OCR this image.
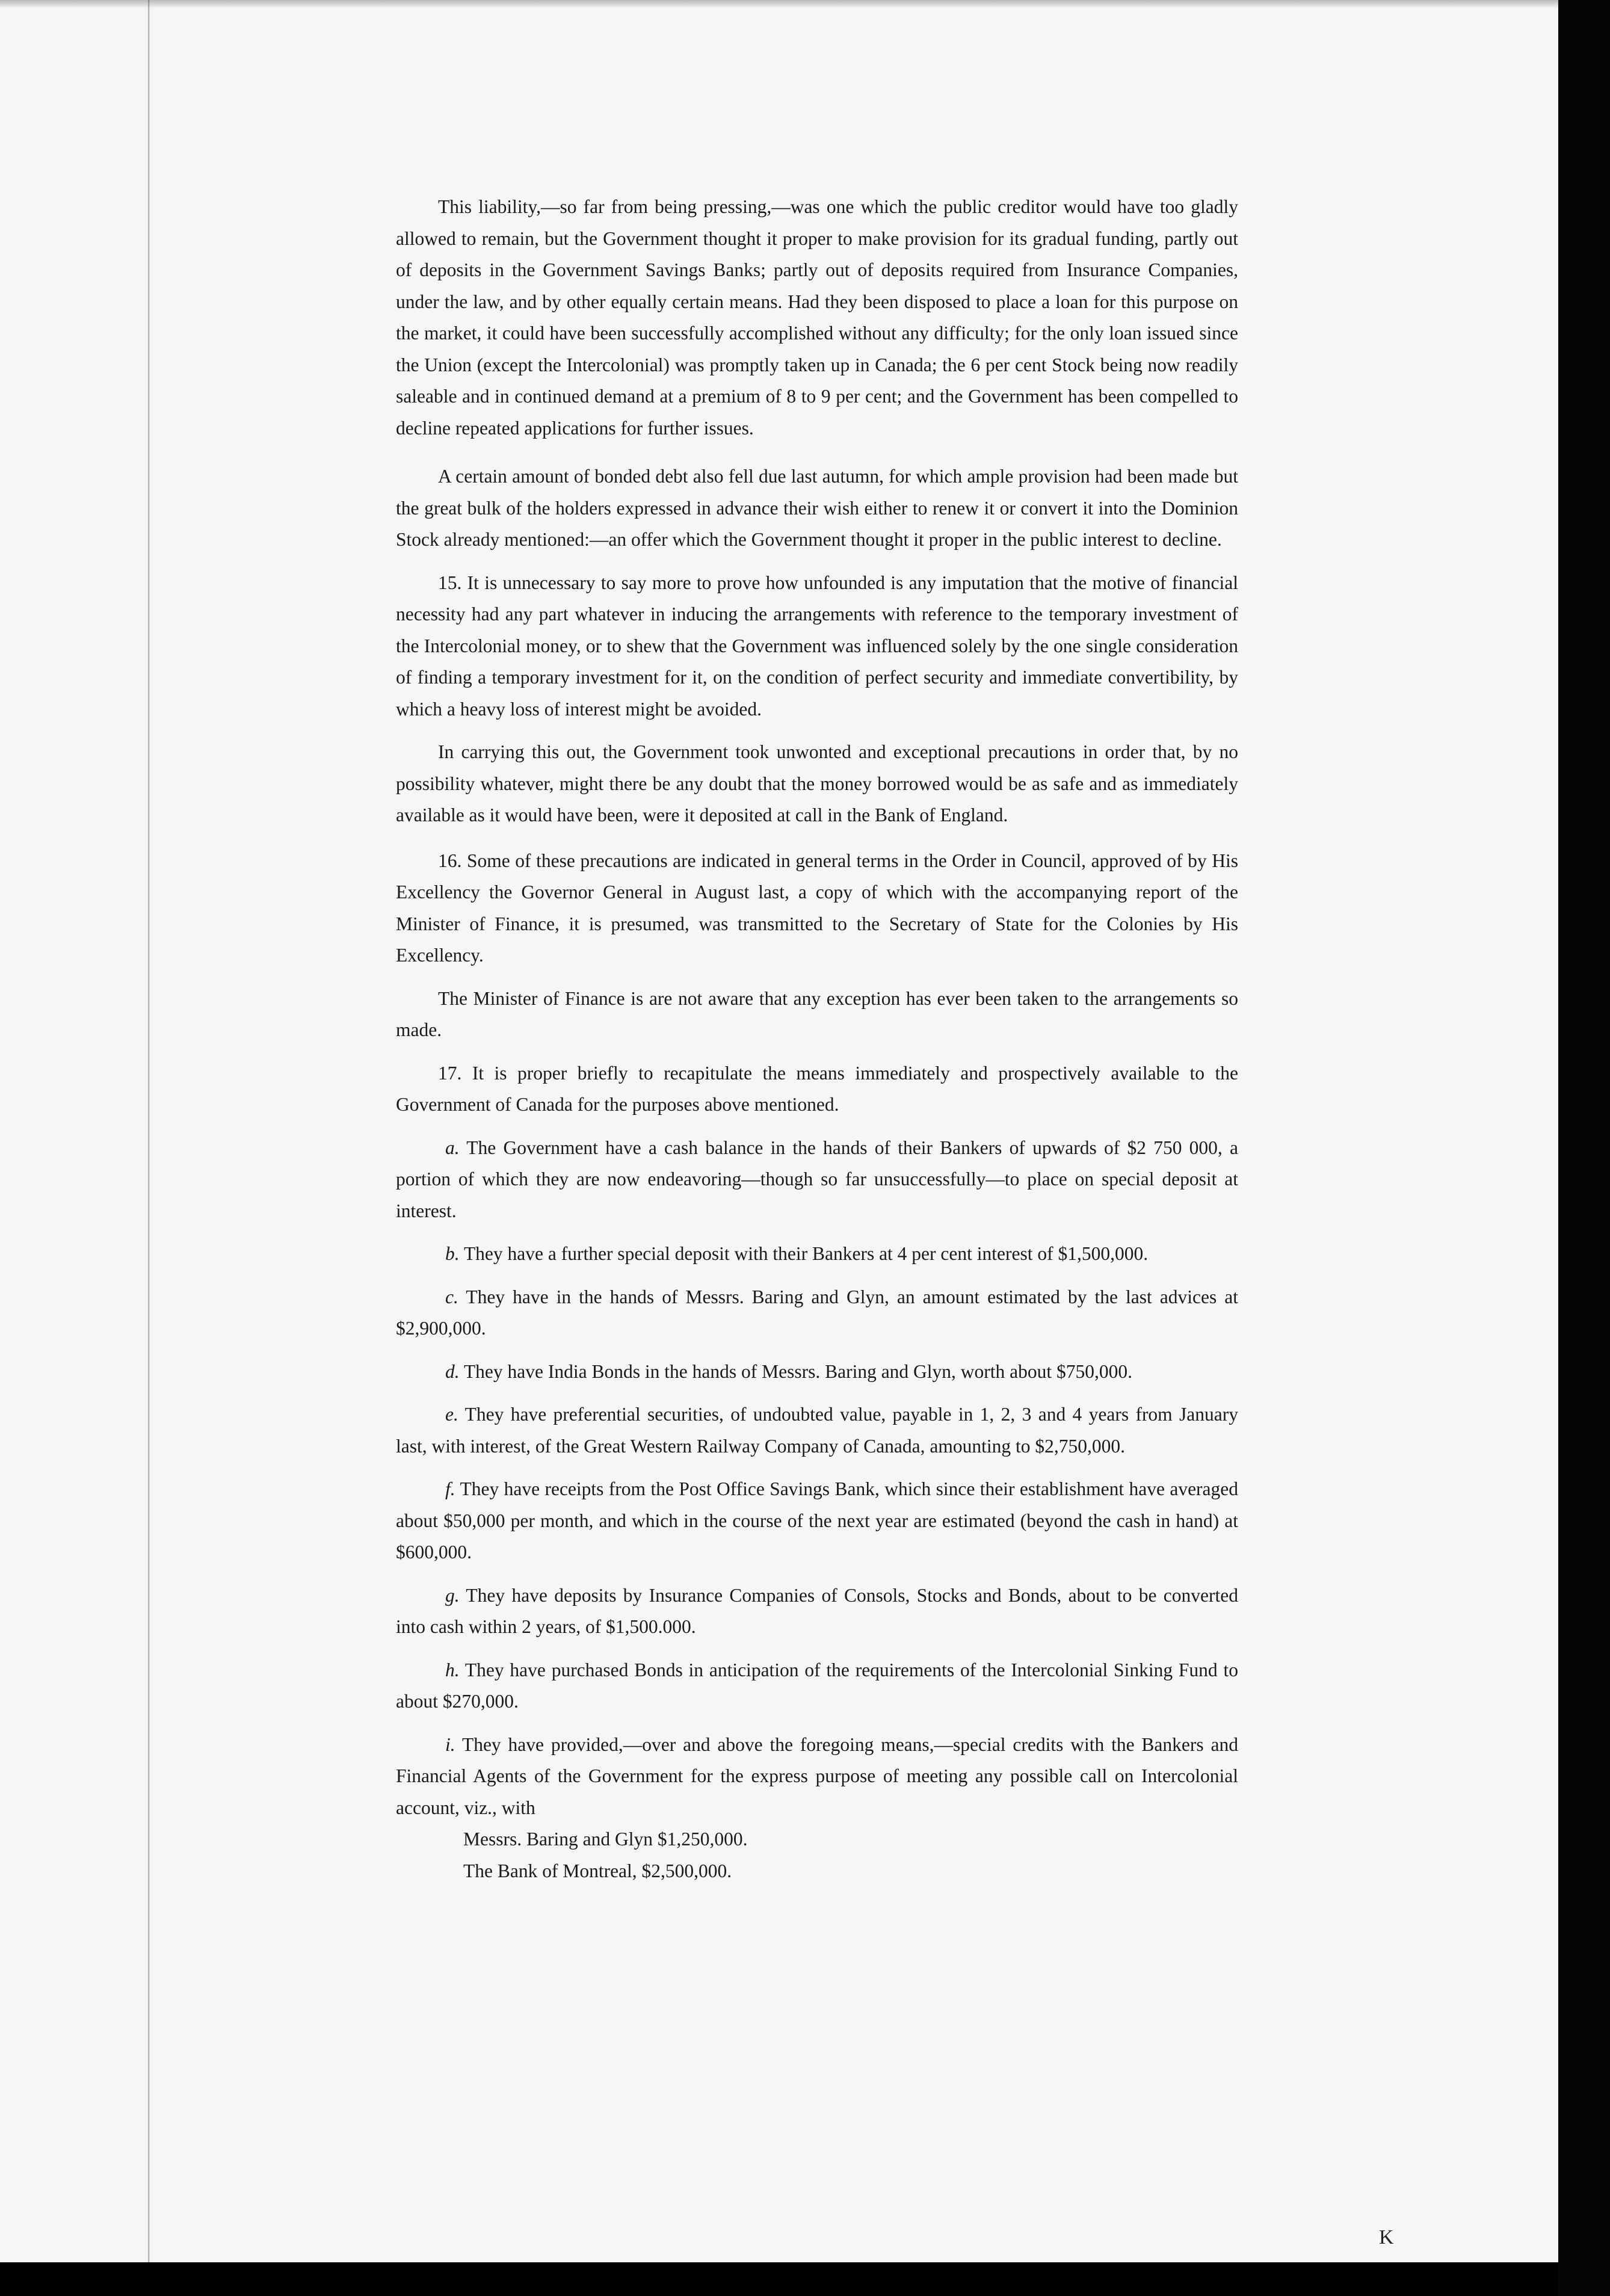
This liability,—so far from being pressing,—was one which the public creditor would have too gladly allowed to remain, but the Government thought it proper to make provision for its gradual funding, partly out of deposits in the Government Savings Banks; partly out of deposits required from Insurance Companies, under the law, and by other equally certain means. Had they been disposed to place a loan for this purpose on the market, it could have been successfully accomplished without any difficulty; for the only loan issued since the Union (except the Intercolonial) was promptly taken up in Canada; the 6 per cent Stock being now readily saleable and in continued demand at a premium of 8 to 9 per cent; and the Government has been compelled to decline repeated applications for further issues.

A certain amount of bonded debt also fell due last autumn, for which ample provision had been made but the great bulk of the holders expressed in advance their wish either to renew it or convert it into the Dominion Stock already mentioned:—an offer which the Government thought it proper in the public interest to decline.

15. It is unnecessary to say more to prove how unfounded is any imputation that the motive of financial necessity had any part whatever in inducing the arrangements with reference to the temporary investment of the Intercolonial money, or to shew that the Government was influenced solely by the one single consideration of finding a temporary investment for it, on the condition of perfect security and immediate convertibility, by which a heavy loss of interest might be avoided.

In carrying this out, the Government took unwonted and exceptional precautions in order that, by no possibility whatever, might there be any doubt that the money borrowed would be as safe and as immediately available as it would have been, were it deposited at call in the Bank of England.

16. Some of these precautions are indicated in general terms in the Order in Council, approved of by His Excellency the Governor General in August last, a copy of which with the accompanying report of the Minister of Finance, it is presumed, was transmitted to the Secretary of State for the Colonies by His Excellency.

The Minister of Finance is are not aware that any exception has ever been taken to the arrangements so made.

17. It is proper briefly to recapitulate the means immediately and prospectively available to the Government of Canada for the purposes above mentioned.

a. The Government have a cash balance in the hands of their Bankers of upwards of $2 750 000, a portion of which they are now endeavoring—though so far unsuccessfully—to place on special deposit at interest.

b. They have a further special deposit with their Bankers at 4 per cent interest of $1,500,000.

c. They have in the hands of Messrs. Baring and Glyn, an amount estimated by the last advices at $2,900,000.

d. They have India Bonds in the hands of Messrs. Baring and Glyn, worth about $750,000.

e. They have preferential securities, of undoubted value, payable in 1, 2, 3 and 4 years from January last, with interest, of the Great Western Railway Company of Canada, amounting to $2,750,000.

f. They have receipts from the Post Office Savings Bank, which since their establishment have averaged about $50,000 per month, and which in the course of the next year are estimated (beyond the cash in hand) at $600,000.

g. They have deposits by Insurance Companies of Consols, Stocks and Bonds, about to be converted into cash within 2 years, of $1,500.000.

h. They have purchased Bonds in anticipation of the requirements of the Intercolonial Sinking Fund to about $270,000.

i. They have provided,—over and above the foregoing means,—special credits with the Bankers and Financial Agents of the Government for the express purpose of meeting any possible call on Intercolonial account, viz., with

Messrs. Baring and Glyn $1,250,000.

The Bank of Montreal, $2,500,000.

K
